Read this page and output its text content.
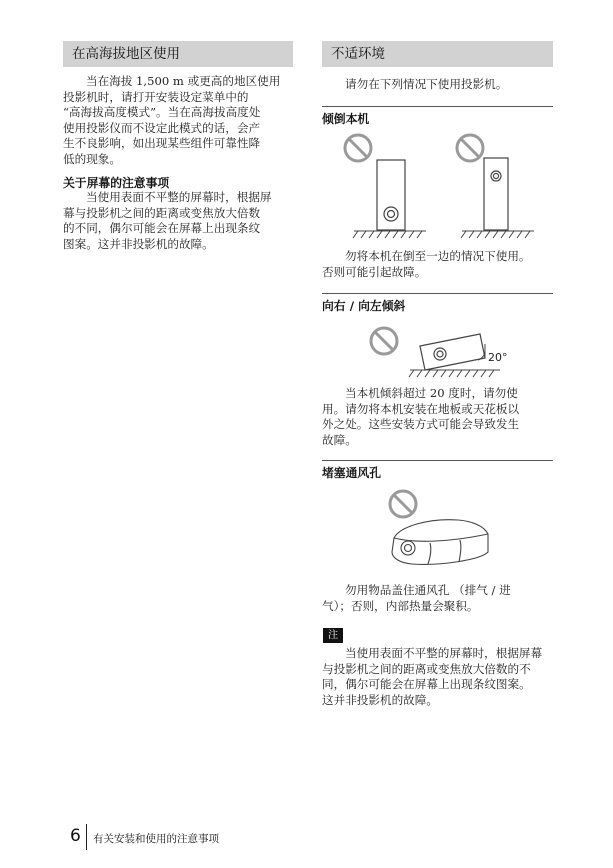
在高海拔地区使用

当在海拔 1,500 m 或更高的地区使用

投影机时，请打开安装设定菜单中的

“高海拔高度模式”。当在高海拔高度处

使用投影仪而不设定此模式的话，会产

生不良影响，如出现某些组件可靠性降

低的现象。

关于屏幕的注意事项

当使用表面不平整的屏幕时，根据屏

幕与投影机之间的距离或变焦放大倍数

的不同，偶尔可能会在屏幕上出现条纹

图案。这并非投影机的故障。

不适环境

请勿在下列情况下使用投影机。

倾倒本机

勿将本机在倒至一边的情况下使用。

否则可能引起故障。

向右 / 向左倾斜
20°

当本机倾斜超过 20 度时，请勿使

用。请勿将本机安装在地板或天花板以

外之处。这些安装方式可能会导致发生

故障。

堵塞通风孔

勿用物品盖住通风孔 （排气 / 进

气）；否则，内部热量会聚积。

注

当使用表面不平整的屏幕时，根据屏幕

与投影机之间的距离或变焦放大倍数的不

同，偶尔可能会在屏幕上出现条纹图案。

这并非投影机的故障。

6 有关安装和使用的注意事项
